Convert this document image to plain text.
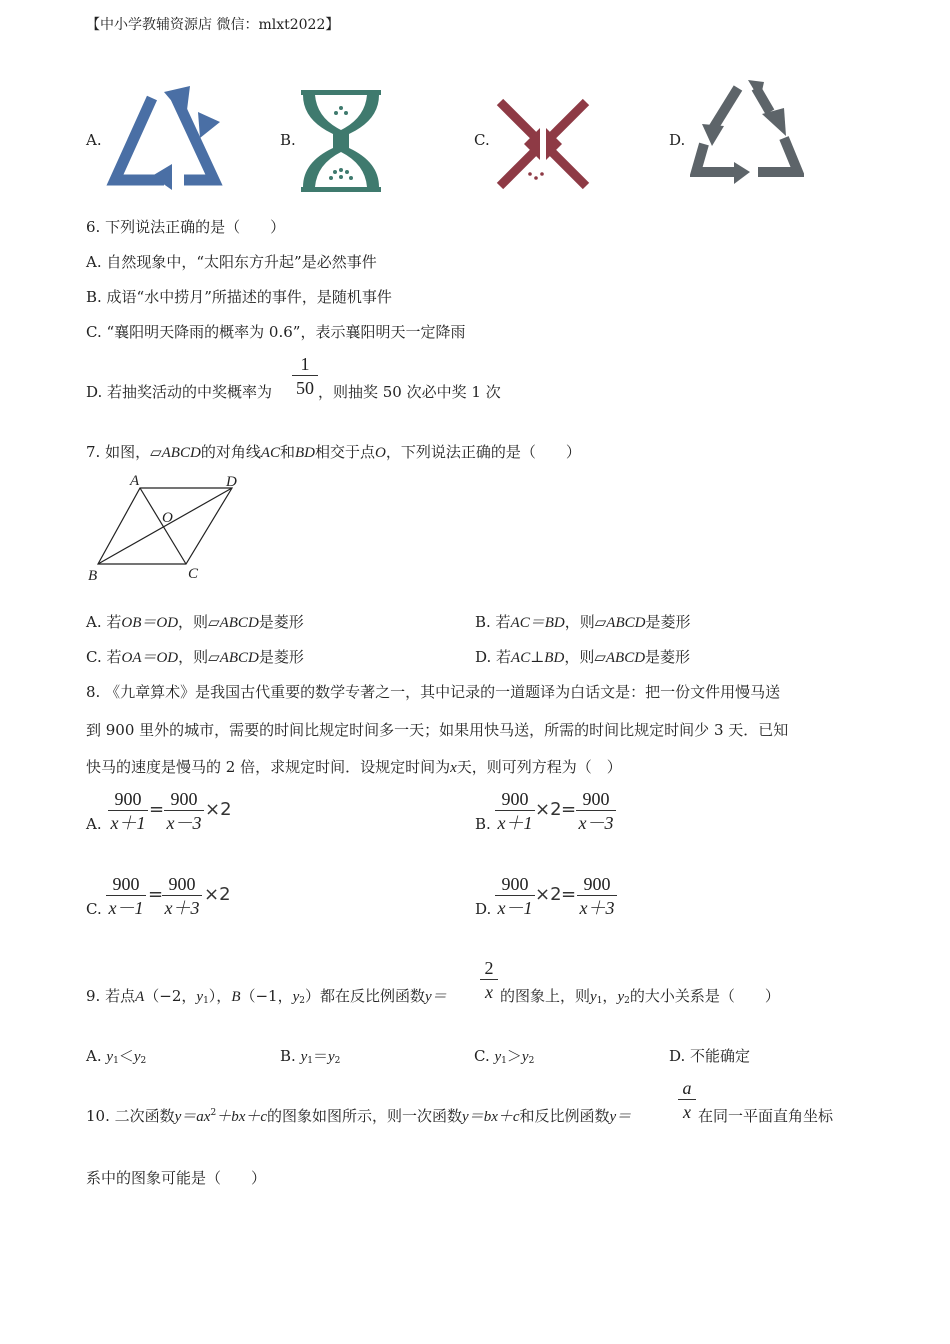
【中小学教辅资源店 微信：mlxt2022】
A.	B.	C.	D.
6. 下列说法正确的是（　　）
A. 自然现象中，“太阳东方升起”是必然事件
B. 成语“水中捞月”所描述的事件，是随机事件
C. “襄阳明天降雨的概率为 0.6”，表示襄阳明天一定降雨
D. 若抽奖活动的中奖概率为 $\frac{1}{50}$ ，则抽奖 50 次必中奖 1 次
7. 如图，▱ABCD的对角线AC和BD相交于点O，下列说法正确的是（　　）
A	D
B	C
O
A. 若OB＝OD，则▱ABCD是菱形	B. 若AC＝BD，则▱ABCD是菱形
C. 若OA＝OD，则▱ABCD是菱形	D. 若AC⊥BD，则▱ABCD是菱形
8. 《九章算术》是我国古代重要的数学专著之一，其中记录的一道题译为白话文是：把一份文件用慢马送
到 900 里外的城市，需要的时间比规定时间多一天；如果用快马送，所需的时间比规定时间少 3 天．已知
快马的速度是慢马的 2 倍，求规定时间．设规定时间为x天，则可列方程为（　）
A. $\frac{900}{x+1} = \frac{900}{x-3} \times 2$
B. $\frac{900}{x+1} \times 2 = \frac{900}{x-3}$
C. $\frac{900}{x-1}$ =
$\frac{900}{x+3} \times 2$
D. $\frac{900}{x-1} \times 2 = \frac{900}{x+3}$
9. 若点A（−2，$y_1$），B（−1，$y_2$）都在反比例函数$y= \frac{2}{x}$ 的图象上，则$y_1$，$y_2$的大小关系是（　　）
A. $y_1<y_2$	B. $y_1=y_2$	C. $y_1>y_2$	D. 不能确定
10. 二次函数$y=ax^2+bx+c$的图象如图所示，则一次函数y＝bx＋c和反比例函数y＝	$\frac{a}{x}$ 在同一平面直角坐标
系中的图象可能是（　　）
